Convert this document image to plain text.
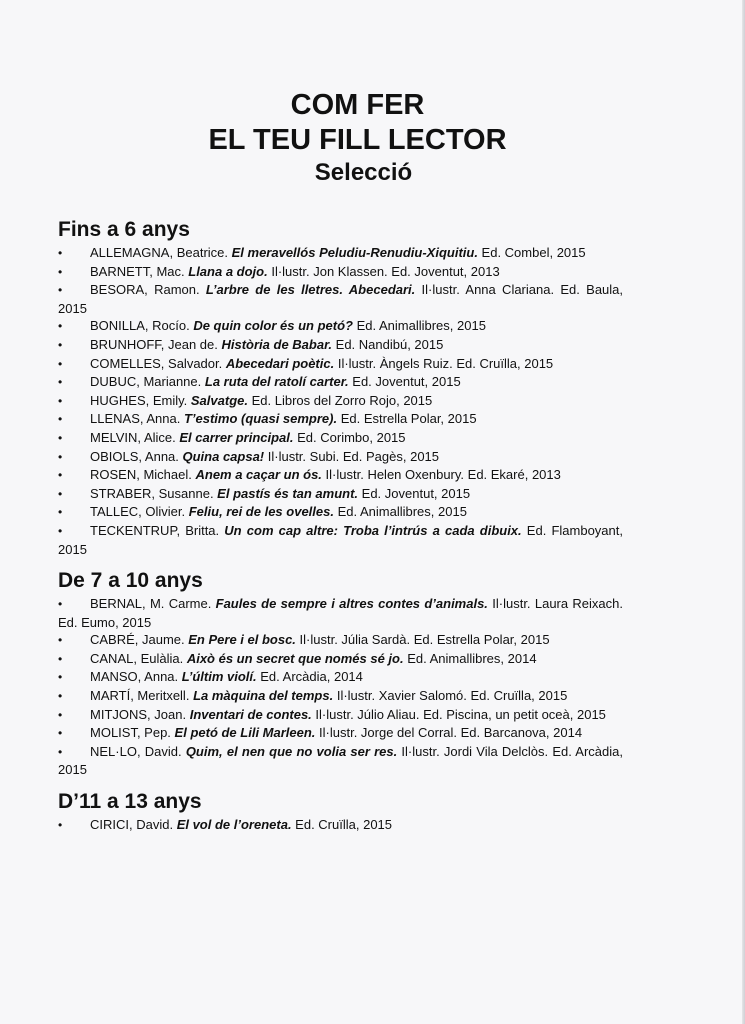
COM FER
EL TEU FILL LECTOR
Selecció
Fins a 6 anys
•ALLEMAGNA, Beatrice. El meravellós Peludiu-Renudiu-Xiquitiu. Ed. Combel, 2015
•BARNETT, Mac. Llana a dojo. Il·lustr. Jon Klassen. Ed. Joventut, 2013
•BESORA, Ramon. L’arbre de les lletres. Abecedari. Il·lustr. Anna Clariana. Ed. Baula, 2015
•BONILLA, Rocío. De quin color és un petó? Ed. Animallibres, 2015
•BRUNHOFF, Jean de. Història de Babar. Ed. Nandibú, 2015
•COMELLES, Salvador. Abecedari poètic. Il·lustr. Àngels Ruiz. Ed. Cruïlla, 2015
•DUBUC, Marianne. La ruta del ratolí carter. Ed. Joventut, 2015
•HUGHES, Emily. Salvatge. Ed. Libros del Zorro Rojo, 2015
•LLENAS, Anna. T’estimo (quasi sempre). Ed. Estrella Polar, 2015
•MELVIN, Alice. El carrer principal. Ed. Corimbo, 2015
•OBIOLS, Anna. Quina capsa! Il·lustr. Subi. Ed. Pagès, 2015
•ROSEN, Michael. Anem a caçar un ós. Il·lustr. Helen Oxenbury. Ed. Ekaré, 2013
•STRABER, Susanne. El pastís és tan amunt. Ed. Joventut, 2015
•TALLEC, Olivier. Feliu, rei de les ovelles. Ed. Animallibres, 2015
•TECKENTRUP, Britta. Un com cap altre: Troba l’intrús a cada dibuix. Ed. Flamboyant, 2015
De 7 a 10 anys
•BERNAL, M. Carme. Faules de sempre i altres contes d’animals. Il·lustr. Laura Reixach. Ed. Eumo, 2015
•CABRÉ, Jaume. En Pere i el bosc. Il·lustr. Júlia Sardà. Ed. Estrella Polar, 2015
•CANAL, Eulàlia. Això és un secret que només sé jo. Ed. Animallibres, 2014
•MANSO, Anna. L’últim violí. Ed. Arcàdia, 2014
•MARTÍ, Meritxell. La màquina del temps. Il·lustr. Xavier Salomó. Ed. Cruïlla, 2015
•MITJONS, Joan. Inventari de contes. Il·lustr. Júlio Aliau. Ed. Piscina, un petit oceà, 2015
•MOLIST, Pep. El petó de Lili Marleen. Il·lustr. Jorge del Corral. Ed. Barcanova, 2014
•NEL·LO, David. Quim, el nen que no volia ser res. Il·lustr. Jordi Vila Delclòs. Ed. Arcàdia, 2015
D’11 a 13 anys
•CIRICI, David. El vol de l’oreneta. Ed. Cruïlla, 2015
